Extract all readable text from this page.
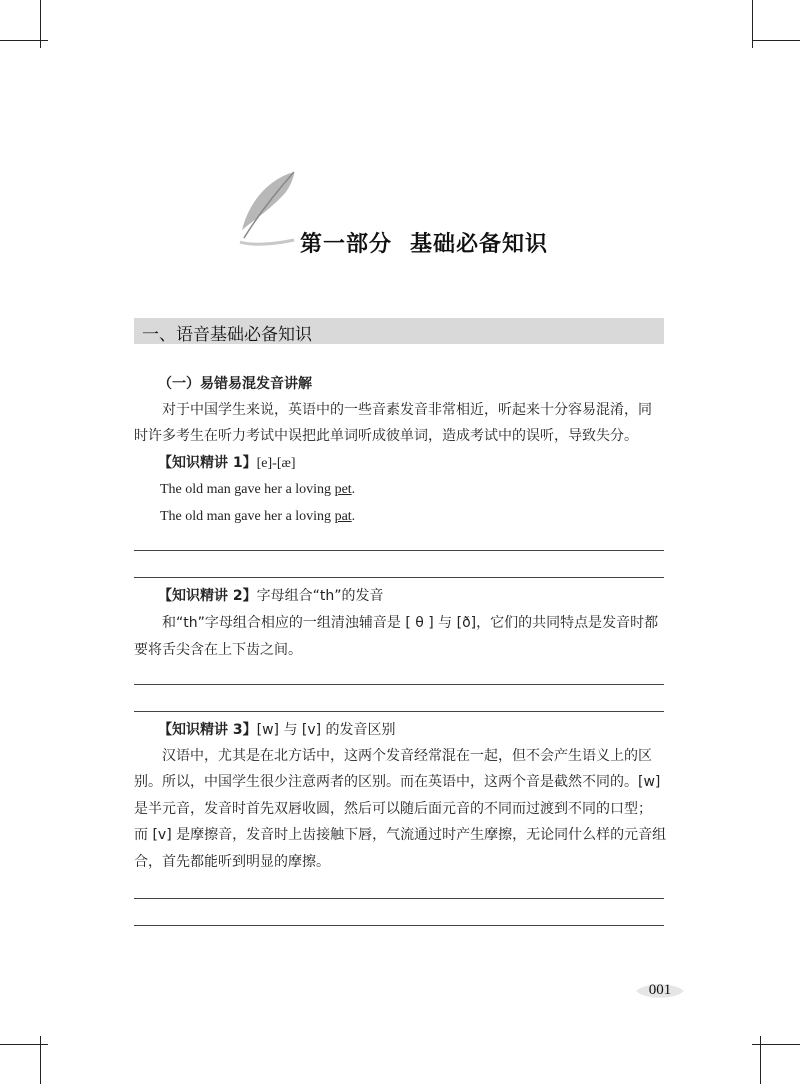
第一部分 基础必备知识
一、语音基础必备知识
（一）易错易混发音讲解
对于中国学生来说，英语中的一些音素发音非常相近，听起来十分容易混淆，同
时许多考生在听力考试中误把此单词听成彼单词，造成考试中的误听，导致失分。
【知识精讲 1】[e]-[æ]
The old man gave her a loving pet.
The old man gave her a loving pat.
【知识精讲 2】字母组合“th”的发音
和“th”字母组合相应的一组清浊辅音是 [ θ ] 与 [ð]，它们的共同特点是发音时都
要将舌尖含在上下齿之间。
【知识精讲 3】[w] 与 [v] 的发音区别
汉语中，尤其是在北方话中，这两个发音经常混在一起，但不会产生语义上的区
别。所以，中国学生很少注意两者的区别。而在英语中，这两个音是截然不同的。[w]
是半元音，发音时首先双唇收圆，然后可以随后面元音的不同而过渡到不同的口型；
而 [v] 是摩擦音，发音时上齿接触下唇，气流通过时产生摩擦，无论同什么样的元音组
合，首先都能听到明显的摩擦。
001
